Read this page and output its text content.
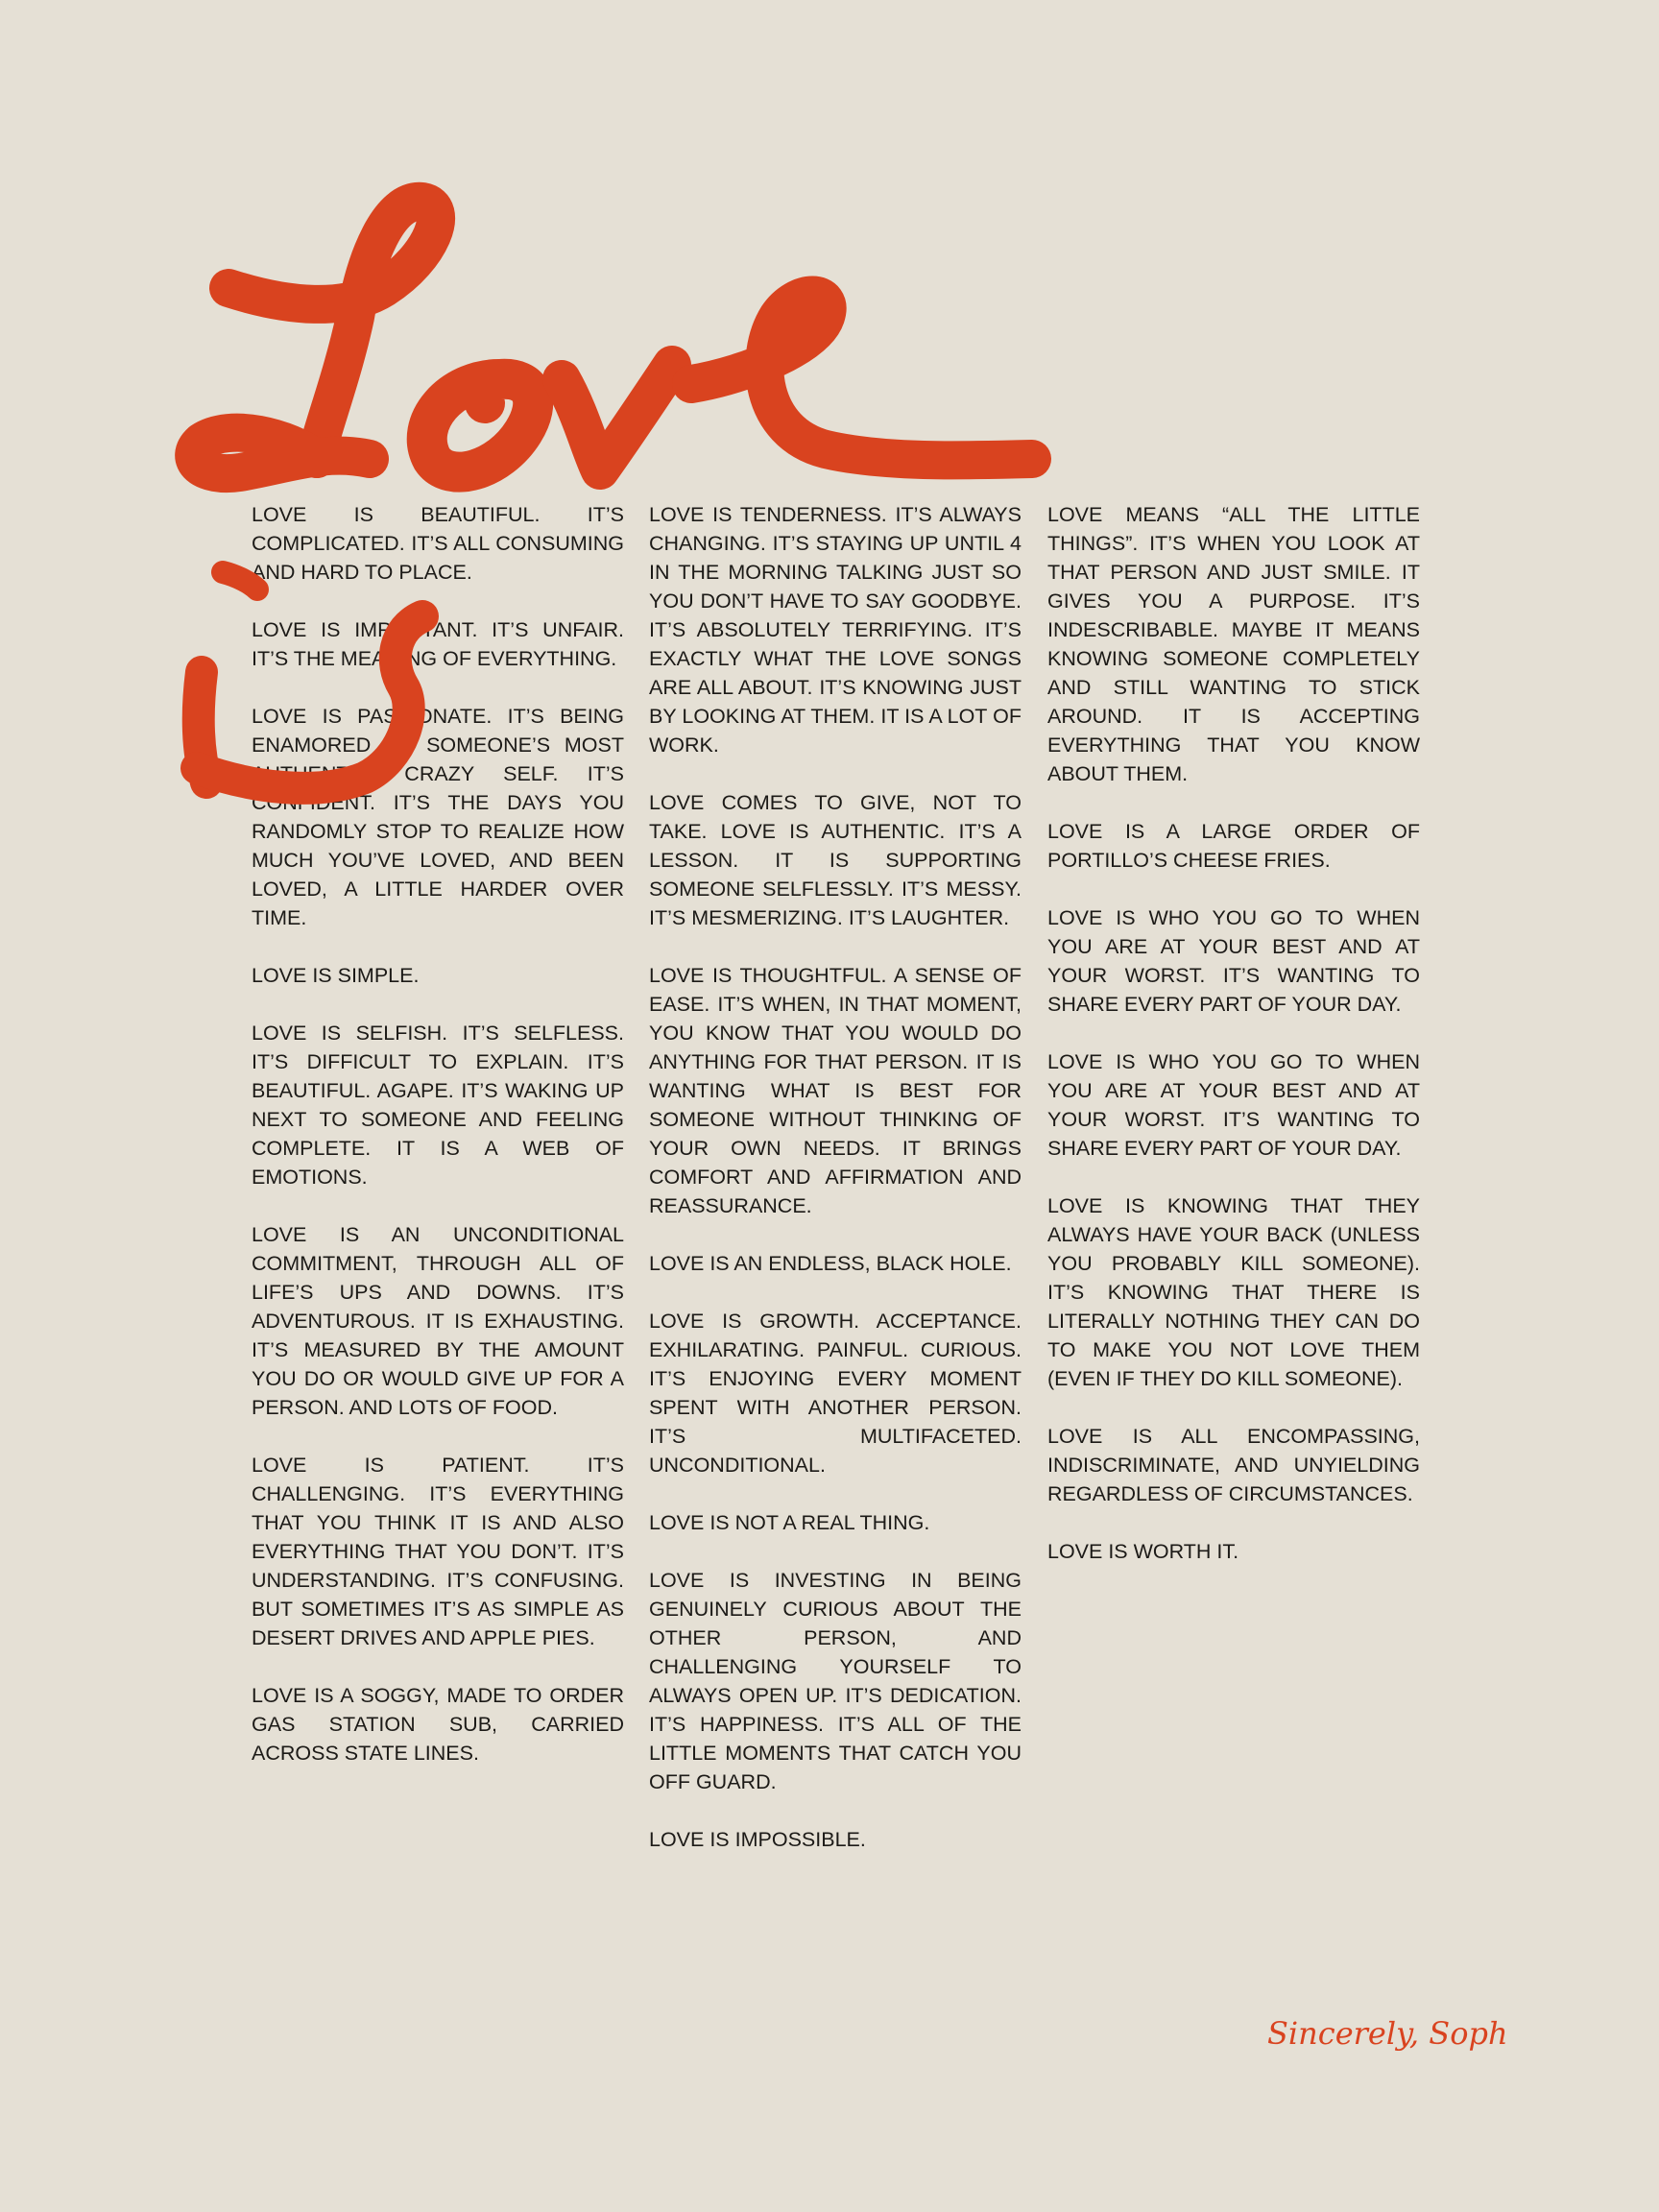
LOVE IS BEAUTIFUL. IT’S COMPLICATED. IT’S ALL CONSUMING AND HARD TO PLACE.

LOVE IS IMPORTANT. IT’S UNFAIR. IT’S THE MEANING OF EVERYTHING.

LOVE IS PASSIONATE. IT’S BEING ENAMORED BY SOMEONE’S MOST AUTHENTIC, CRAZY SELF. IT’S CONFIDENT. IT’S THE DAYS YOU RANDOMLY STOP TO REALIZE HOW MUCH YOU’VE LOVED, AND BEEN LOVED, A LITTLE HARDER OVER TIME.

LOVE IS SIMPLE.

LOVE IS SELFISH. IT’S SELFLESS. IT’S DIFFICULT TO EXPLAIN. IT’S BEAUTIFUL. AGAPE. IT’S WAKING UP NEXT TO SOMEONE AND FEELING COMPLETE. IT IS A WEB OF EMOTIONS.

LOVE IS AN UNCONDITIONAL COMMITMENT, THROUGH ALL OF LIFE’S UPS AND DOWNS. IT’S ADVENTUROUS. IT IS EXHAUSTING. IT’S MEASURED BY THE AMOUNT YOU DO OR WOULD GIVE UP FOR A PERSON. AND LOTS OF FOOD.

LOVE IS PATIENT. IT’S CHALLENGING. IT’S EVERYTHING THAT YOU THINK IT IS AND ALSO EVERYTHING THAT YOU DON’T. IT’S UNDERSTANDING. IT’S CONFUSING. BUT SOMETIMES IT’S AS SIMPLE AS DESERT DRIVES AND APPLE PIES.

LOVE IS A SOGGY, MADE TO ORDER GAS STATION SUB, CARRIED ACROSS STATE LINES.

LOVE IS TENDERNESS. IT’S ALWAYS CHANGING. IT’S STAYING UP UNTIL 4 IN THE MORNING TALKING JUST SO YOU DON’T HAVE TO SAY GOODBYE. IT’S ABSOLUTELY TERRIFYING. IT’S EXACTLY WHAT THE LOVE SONGS ARE ALL ABOUT. IT’S KNOWING JUST BY LOOKING AT THEM. IT IS A LOT OF WORK.

LOVE COMES TO GIVE, NOT TO TAKE. LOVE IS AUTHENTIC. IT’S A LESSON. IT IS SUPPORTING SOMEONE SELFLESSLY. IT’S MESSY. IT’S MESMERIZING. IT’S LAUGHTER.

LOVE IS THOUGHTFUL. A SENSE OF EASE. IT’S WHEN, IN THAT MOMENT, YOU KNOW THAT YOU WOULD DO ANYTHING FOR THAT PERSON. IT IS WANTING WHAT IS BEST FOR SOMEONE WITHOUT THINKING OF YOUR OWN NEEDS. IT BRINGS COMFORT AND AFFIRMATION AND REASSURANCE.

LOVE IS AN ENDLESS, BLACK HOLE.

LOVE IS GROWTH. ACCEPTANCE. EXHILARATING. PAINFUL. CURIOUS. IT’S ENJOYING EVERY MOMENT SPENT WITH ANOTHER PERSON. IT’S MULTIFACETED. UNCONDITIONAL.

LOVE IS NOT A REAL THING.

LOVE IS INVESTING IN BEING GENUINELY CURIOUS ABOUT THE OTHER PERSON, AND CHALLENGING YOURSELF TO ALWAYS OPEN UP. IT’S DEDICATION. IT’S HAPPINESS. IT’S ALL OF THE LITTLE MOMENTS THAT CATCH YOU OFF GUARD.

LOVE IS IMPOSSIBLE.

LOVE MEANS “ALL THE LITTLE THINGS”. IT’S WHEN YOU LOOK AT THAT PERSON AND JUST SMILE. IT GIVES YOU A PURPOSE. IT’S INDESCRIBABLE. MAYBE IT MEANS KNOWING SOMEONE COMPLETELY AND STILL WANTING TO STICK AROUND. IT IS ACCEPTING EVERYTHING THAT YOU KNOW ABOUT THEM.

LOVE IS A LARGE ORDER OF PORTILLO’S CHEESE FRIES.

LOVE IS WHO YOU GO TO WHEN YOU ARE AT YOUR BEST AND AT YOUR WORST. IT’S WANTING TO SHARE EVERY PART OF YOUR DAY.

LOVE IS WHO YOU GO TO WHEN YOU ARE AT YOUR BEST AND AT YOUR WORST. IT’S WANTING TO SHARE EVERY PART OF YOUR DAY.

LOVE IS KNOWING THAT THEY ALWAYS HAVE YOUR BACK (UNLESS YOU PROBABLY KILL SOMEONE). IT’S KNOWING THAT THERE IS LITERALLY NOTHING THEY CAN DO TO MAKE YOU NOT LOVE THEM (EVEN IF THEY DO KILL SOMEONE).

LOVE IS ALL ENCOMPASSING, INDISCRIMINATE, AND UNYIELDING REGARDLESS OF CIRCUMSTANCES.

LOVE IS WORTH IT.

Sincerely, Soph
